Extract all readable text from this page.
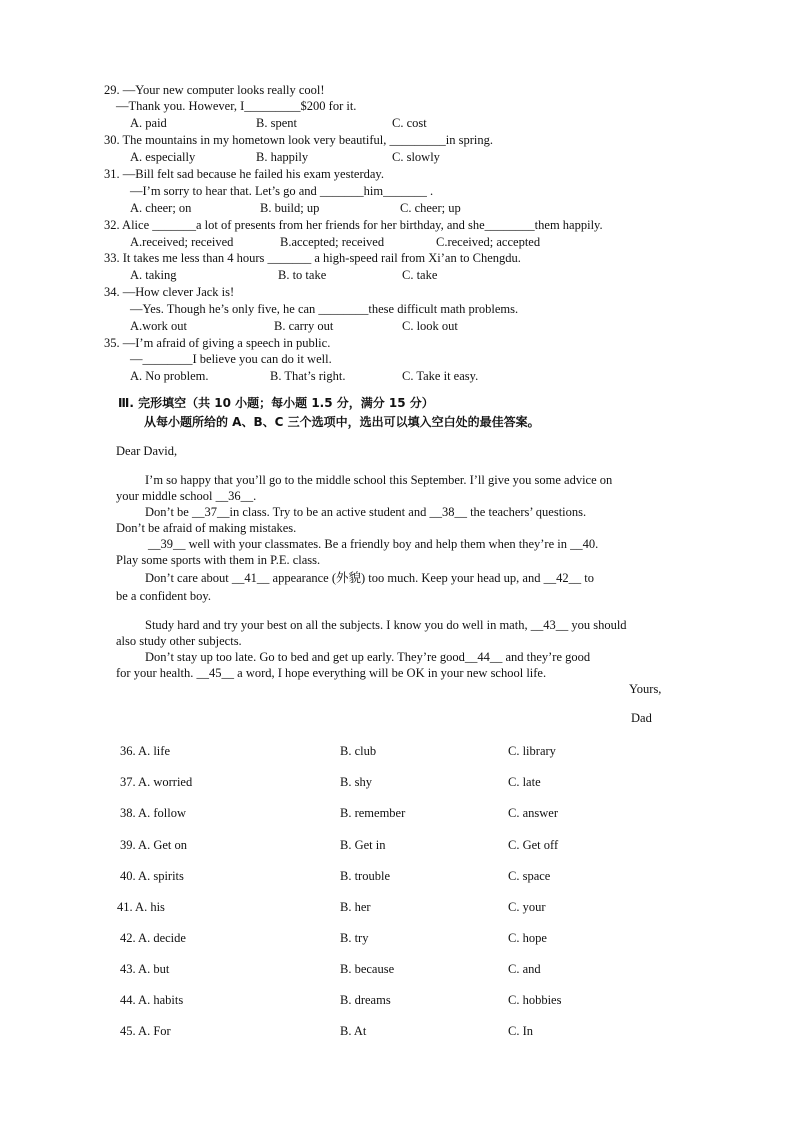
29. —Your new computer looks really cool!
—Thank you. However, I_________$200 for it.
A. paid	B. spent	C. cost
30. The mountains in my hometown look very beautiful, _________in spring.
A. especially	B. happily	C. slowly
31. —Bill felt sad because he failed his exam yesterday.
—I’m sorry to hear that. Let’s go and _______him_______ .
A. cheer; on	B. build; up	C. cheer; up
32. Alice _______a lot of presents from her friends for her birthday, and she________them happily.
A.received; received	B.accepted; received	C.received; accepted
33. It takes me less than 4 hours _______ a high-speed rail from Xi’an to Chengdu.
A. taking	B. to take	C. take
34. —How clever Jack is!
—Yes. Though he’s only five, he can ________these difficult math problems.
A.work out	B. carry out	C. look out
35. —I’m afraid of giving a speech in public.
—________I believe you can do it well.
A. No problem.	B. That’s right.	C. Take it easy.
Ⅲ. 完形填空（共 10 小题；每小题 1.5 分，满分 15 分）
从每小题所给的 A、B、C 三个选项中，选出可以填入空白处的最佳答案。
Dear David,
I’m so happy that you’ll go to the middle school this September. I’ll give you some advice on
your middle school __36__.
Don’t be __37__in class. Try to be an active student and __38__ the teachers’ questions.
Don’t be afraid of making mistakes.
__39__ well with your classmates. Be a friendly boy and help them when they’re in __40.
Play some sports with them in P.E. class.
Don’t care about __41__ appearance (外貌) too much. Keep your head up, and __42__ to
be a confident boy.
Study hard and try your best on all the subjects. I know you do well in math, __43__ you should
also study other subjects.
Don’t stay up too late. Go to bed and get up early. They’re good__44__ and they’re good
for your health. __45__ a word, I hope everything will be OK in your new school life.
Yours,
Dad
36. A. life	B. club	C. library
37. A. worried	B. shy	C. late
38. A. follow	B. remember	C. answer
39. A. Get on	B. Get in	C. Get off
40. A. spirits	B. trouble	C. space
41. A. his	B. her	C. your
42. A. decide	B. try	C. hope
43. A. but	B. because	C. and
44. A. habits	B. dreams	C. hobbies
45. A. For	B. At	C. In
